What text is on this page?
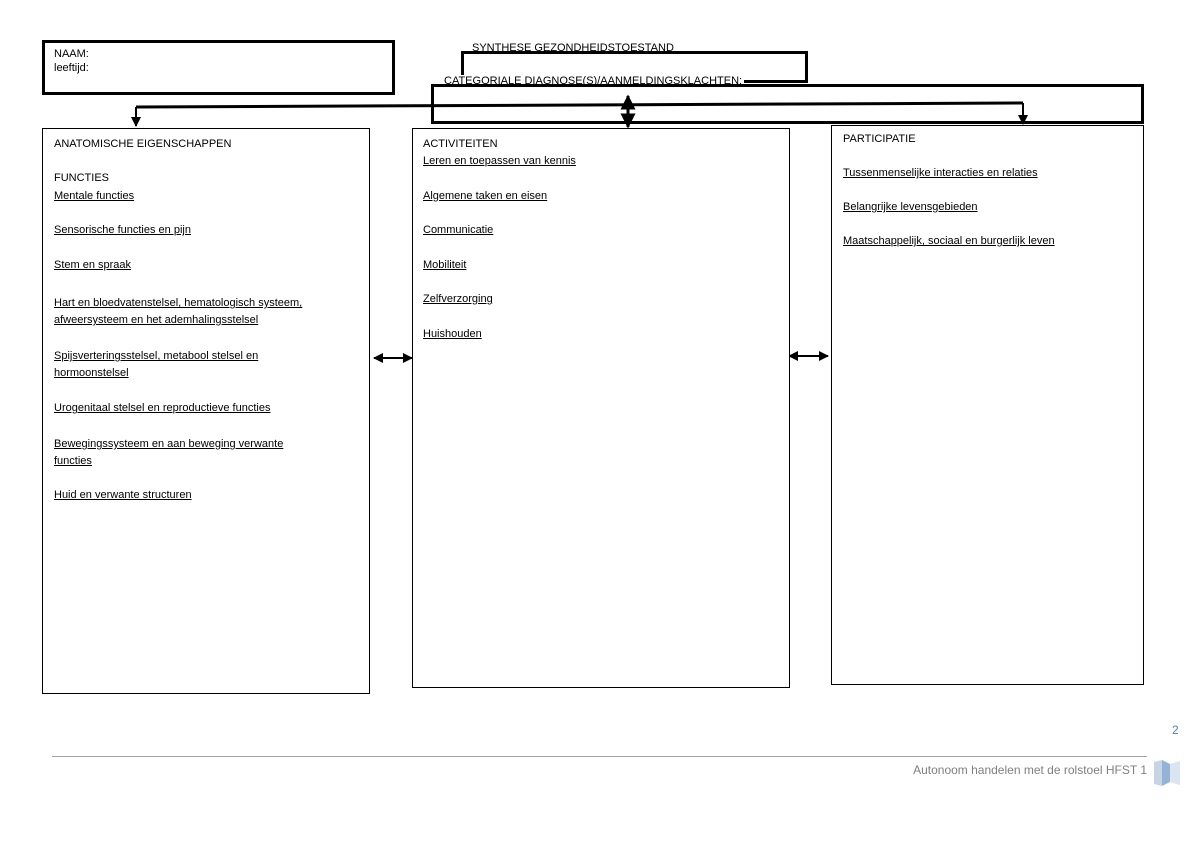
NAAM:
leeftijd:
SYNTHESE GEZONDHEIDSTOESTAND
CATEGORIALE DIAGNOSE(S)/AANMELDINGSKLACHTEN:
ANATOMISCHE EIGENSCHAPPEN
FUNCTIES
Mentale functies
Sensorische functies en pijn
Stem en spraak
Hart en bloedvatenstelsel, hematologisch systeem,
afweersysteem en het ademhalingsstelsel
Spijsverteringsstelsel, metabool stelsel en
hormoonstelsel
Urogenitaal stelsel en reproductieve functies
Bewegingssysteem en aan beweging verwante
functies
Huid en verwante structuren
ACTIVITEITEN
Leren en toepassen van kennis
Algemene taken en eisen
Communicatie
Mobiliteit
Zelfverzorging
Huishouden
PARTICIPATIE
Tussenmenselijke interacties en relaties
Belangrijke levensgebieden
Maatschappelijk, sociaal en burgerlijk leven
2
Autonoom handelen met de rolstoel HFST 1
